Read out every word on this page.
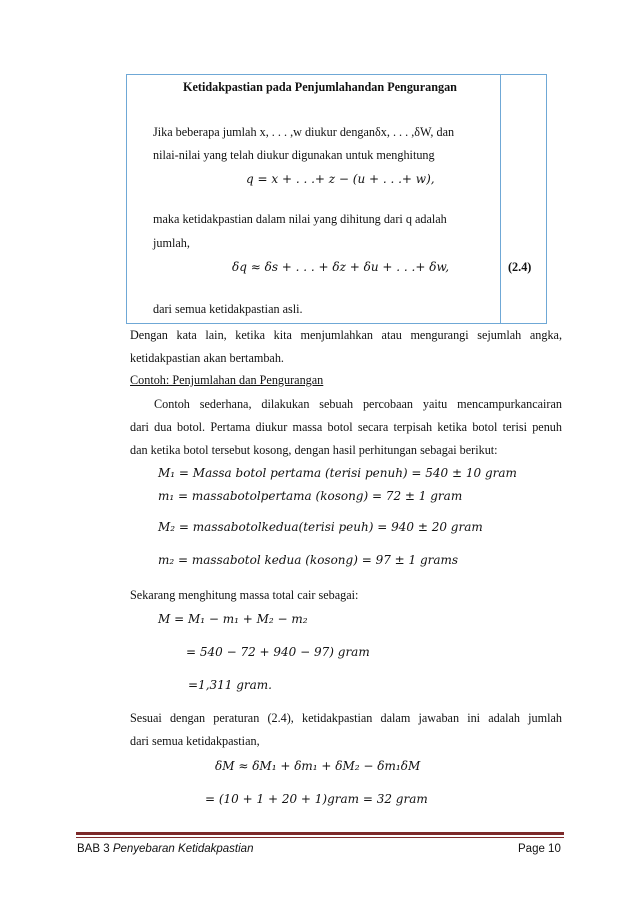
Ketidakpastian pada Penjumlahandan Pengurangan
Jika beberapa jumlah x, . . . ,w diukur denganδx, . . . ,δW, dan
nilai-nilai yang telah diukur digunakan untuk menghitung
q = x + . . .+ z − (u + . . .+ w),
maka ketidakpastian dalam nilai yang dihitung dari q adalah
jumlah,
δq ≈ δs + . . . + δz + δu + . . .+ δw,	(2.4)
dari semua ketidakpastian asli.
Dengan kata lain, ketika kita menjumlahkan atau mengurangi sejumlah angka,
ketidakpastian akan bertambah.
Contoh: Penjumlahan dan Pengurangan
Contoh sederhana, dilakukan sebuah percobaan yaitu mencampurkancairan
dari dua botol. Pertama diukur massa botol secara terpisah ketika botol terisi penuh
dan ketika botol tersebut kosong, dengan hasil perhitungan sebagai berikut:
M₁ = Massa botol pertama (terisi penuh) = 540 ± 10 gram
m₁ = massabotolpertama (kosong) = 72 ± 1 gram
M₂ = massabotolkedua(terisi peuh) = 940 ± 20 gram
m₂ = massabotol kedua (kosong) = 97 ± 1 grams
Sekarang menghitung massa total cair sebagai:
M = M₁ − m₁ + M₂ − m₂
= 540 − 72 + 940 − 97) gram
=1,311 gram.
Sesuai dengan peraturan (2.4), ketidakpastian dalam jawaban ini adalah jumlah
dari semua ketidakpastian,
δM ≈ δM₁ + δm₁ + δM₂ − δm₁δM
= (10 + 1 + 20 + 1)gram = 32 gram
BAB 3 Penyebaran Ketidakpastian	Page 10
